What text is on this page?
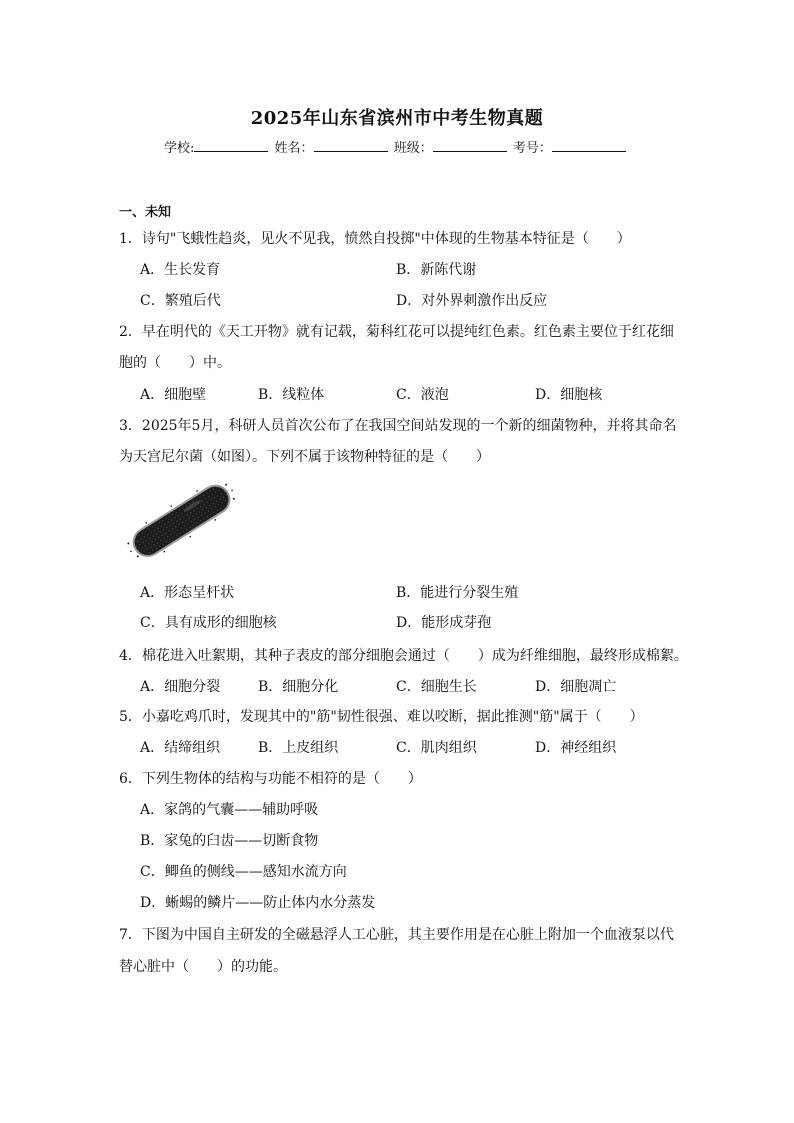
2025年山东省滨州市中考生物真题
学校:	姓名：	班级：	考号：
一、未知
1．诗句"飞蛾性趋炎，见火不见我，愤然自投掷"中体现的生物基本特征是（　　）
A．生长发育	B．新陈代谢
C．繁殖后代	D．对外界刺激作出反应
2．早在明代的《天工开物》就有记载，菊科红花可以提纯红色素。红色素主要位于红花细
胞的（　　）中。
A．细胞壁	B．线粒体	C．液泡	D．细胞核
3．2025年5月，科研人员首次公布了在我国空间站发现的一个新的细菌物种，并将其命名
为天宫尼尔菌（如图）。下列不属于该物种特征的是（　　）
A．形态呈杆状	B．能进行分裂生殖
C．具有成形的细胞核	D．能形成芽孢
4．棉花进入吐絮期，其种子表皮的部分细胞会通过（　　）成为纤维细胞，最终形成棉絮。
A．细胞分裂	B．细胞分化	C．细胞生长	D．细胞凋亡
5．小嘉吃鸡爪时，发现其中的"筋"韧性很强、难以咬断，据此推测"筋"属于（　　）
A．结缔组织	B．上皮组织	C．肌肉组织	D．神经组织
6．下列生物体的结构与功能不相符的是（　　）
A．家鸽的气囊——辅助呼吸
B．家兔的臼齿——切断食物
C．鲫鱼的侧线——感知水流方向
D．蜥蜴的鳞片——防止体内水分蒸发
7．下图为中国自主研发的全磁悬浮人工心脏，其主要作用是在心脏上附加一个血液泵以代
替心脏中（　　）的功能。
